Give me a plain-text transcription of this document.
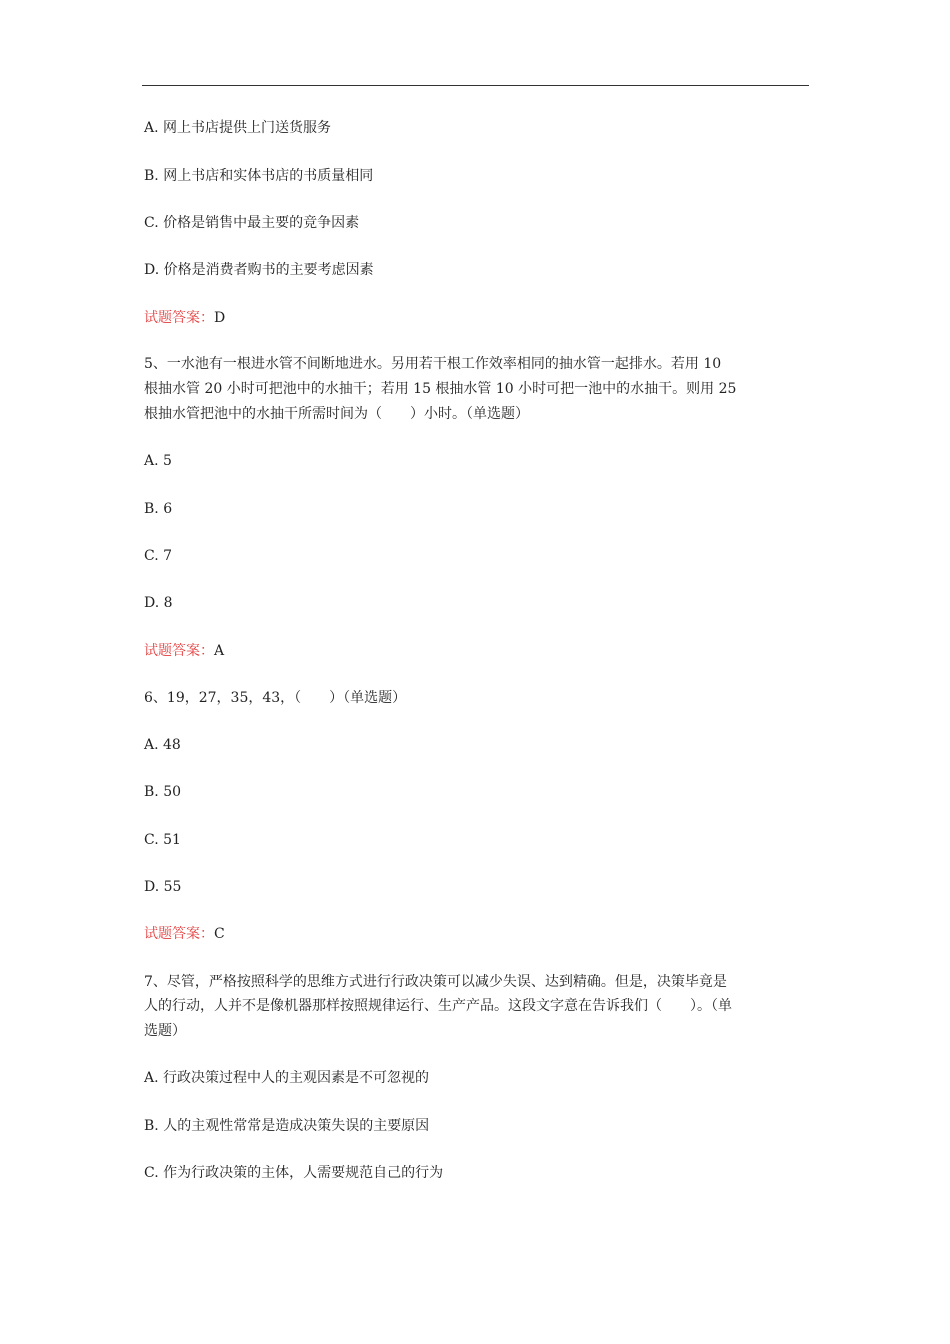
A. 网上书店提供上门送货服务
B. 网上书店和实体书店的书质量相同
C. 价格是销售中最主要的竞争因素
D. 价格是消费者购书的主要考虑因素
试题答案：D
5、一水池有一根进水管不间断地进水。另用若干根工作效率相同的抽水管一起排水。若用 10
根抽水管 20 小时可把池中的水抽干；若用 15 根抽水管 10 小时可把一池中的水抽干。则用 25
根抽水管把池中的水抽干所需时间为（　　）小时。（单选题）
A. 5
B. 6
C. 7
D. 8
试题答案：A
6、19，27，35，43，（　　）（单选题）
A. 48
B. 50
C. 51
D. 55
试题答案：C
7、尽管，严格按照科学的思维方式进行行政决策可以减少失误、达到精确。但是，决策毕竟是
人的行动，人并不是像机器那样按照规律运行、生产产品。这段文字意在告诉我们（　　）。（单
选题）
A. 行政决策过程中人的主观因素是不可忽视的
B. 人的主观性常常是造成决策失误的主要原因
C. 作为行政决策的主体，人需要规范自己的行为
